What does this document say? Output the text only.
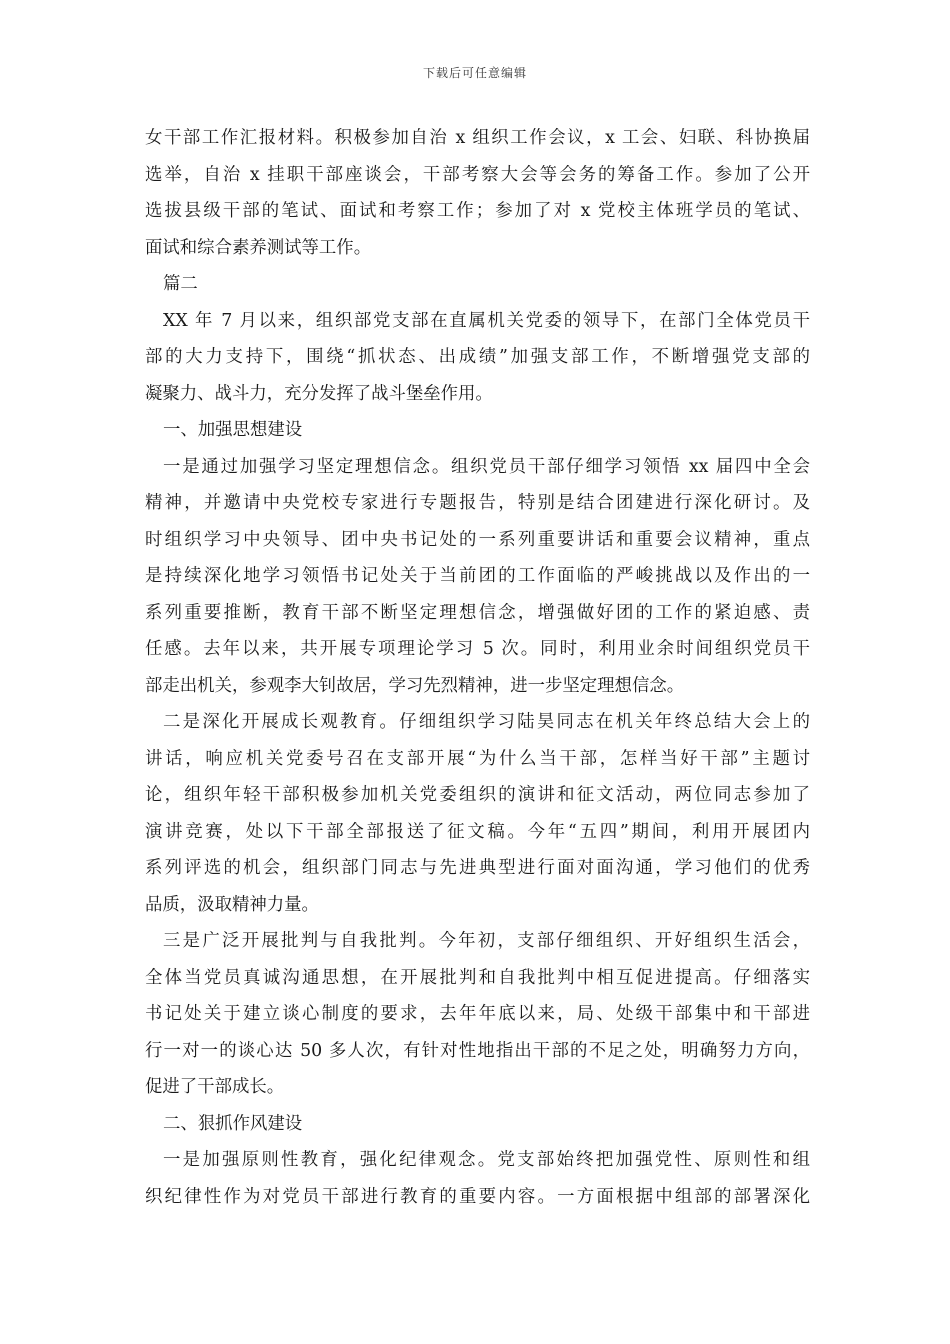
下载后可任意编辑
女干部工作汇报材料。积极参加自治 x 组织工作会议，x 工会、妇联、科协换届
选举，自治 x 挂职干部座谈会，干部考察大会等会务的筹备工作。参加了公开
选拔县级干部的笔试、面试和考察工作；参加了对 x 党校主体班学员的笔试、
面试和综合素养测试等工作。
篇二
XX 年 7 月以来，组织部党支部在直属机关党委的领导下，在部门全体党员干
部的大力支持下，围绕“抓状态、出成绩”加强支部工作，不断增强党支部的
凝聚力、战斗力，充分发挥了战斗堡垒作用。
一、加强思想建设
一是通过加强学习坚定理想信念。组织党员干部仔细学习领悟 xx 届四中全会
精神，并邀请中央党校专家进行专题报告，特别是结合团建进行深化研讨。及
时组织学习中央领导、团中央书记处的一系列重要讲话和重要会议精神，重点
是持续深化地学习领悟书记处关于当前团的工作面临的严峻挑战以及作出的一
系列重要推断，教育干部不断坚定理想信念，增强做好团的工作的紧迫感、责
任感。去年以来，共开展专项理论学习 5 次。同时，利用业余时间组织党员干
部走出机关，参观李大钊故居，学习先烈精神，进一步坚定理想信念。
二是深化开展成长观教育。仔细组织学习陆昊同志在机关年终总结大会上的
讲话，响应机关党委号召在支部开展“为什么当干部，怎样当好干部”主题讨
论，组织年轻干部积极参加机关党委组织的演讲和征文活动，两位同志参加了
演讲竞赛，处以下干部全部报送了征文稿。今年“五四”期间，利用开展团内
系列评选的机会，组织部门同志与先进典型进行面对面沟通，学习他们的优秀
品质，汲取精神力量。
三是广泛开展批判与自我批判。今年初，支部仔细组织、开好组织生活会，
全体当党员真诚沟通思想，在开展批判和自我批判中相互促进提高。仔细落实
书记处关于建立谈心制度的要求，去年年底以来，局、处级干部集中和干部进
行一对一的谈心达 50 多人次，有针对性地指出干部的不足之处，明确努力方向，
促进了干部成长。
二、狠抓作风建设
一是加强原则性教育，强化纪律观念。党支部始终把加强党性、原则性和组
织纪律性作为对党员干部进行教育的重要内容。一方面根据中组部的部署深化
